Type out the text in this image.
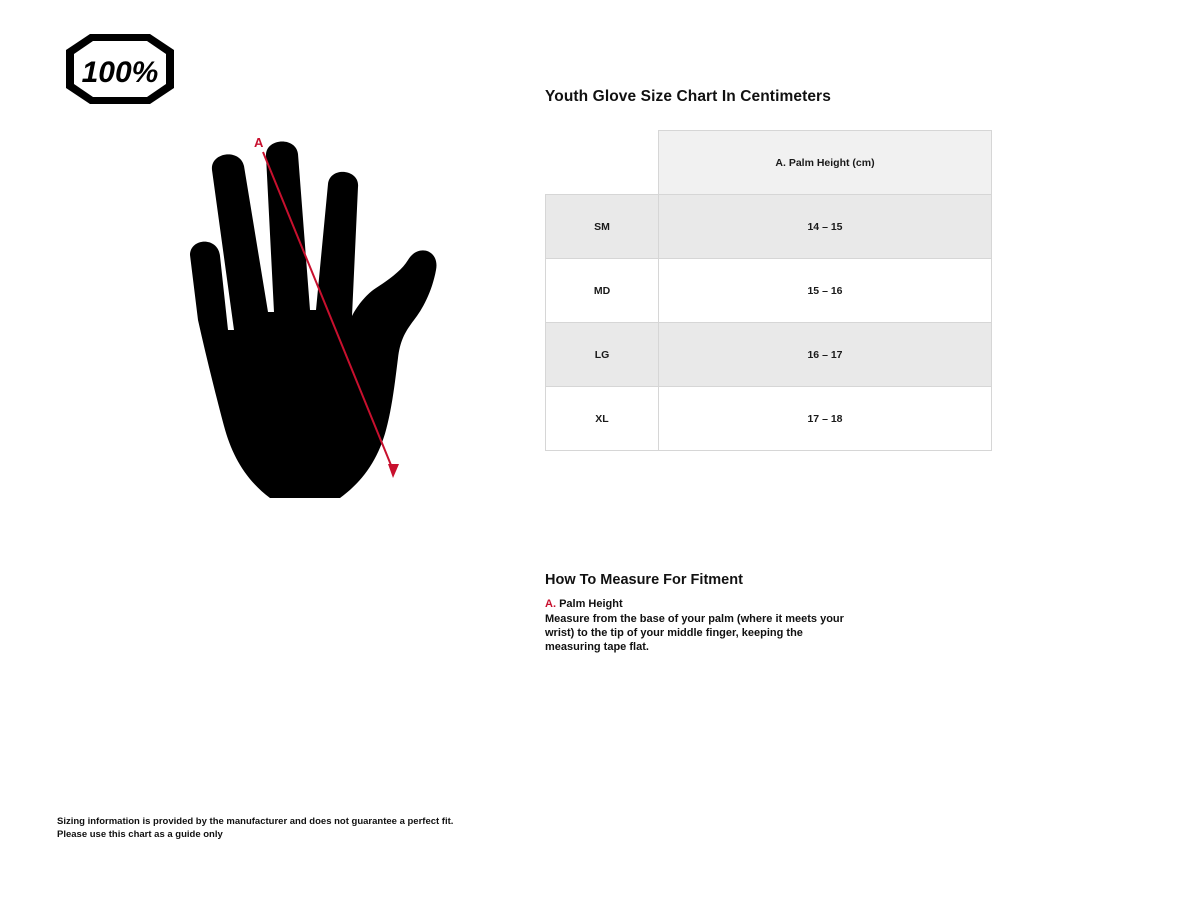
100%
A
Youth Glove Size Chart In Centimeters
	A. Palm Height (cm)
SM	14 – 15
MD	15 – 16
LG	16 – 17
XL	17 – 18
How To Measure For Fitment

A. Palm Height

Measure from the base of your palm (where it meets your wrist) to the tip of your middle finger, keeping the measuring tape flat.

Sizing information is provided by the manufacturer and does not guarantee a perfect fit.
Please use this chart as a guide only
